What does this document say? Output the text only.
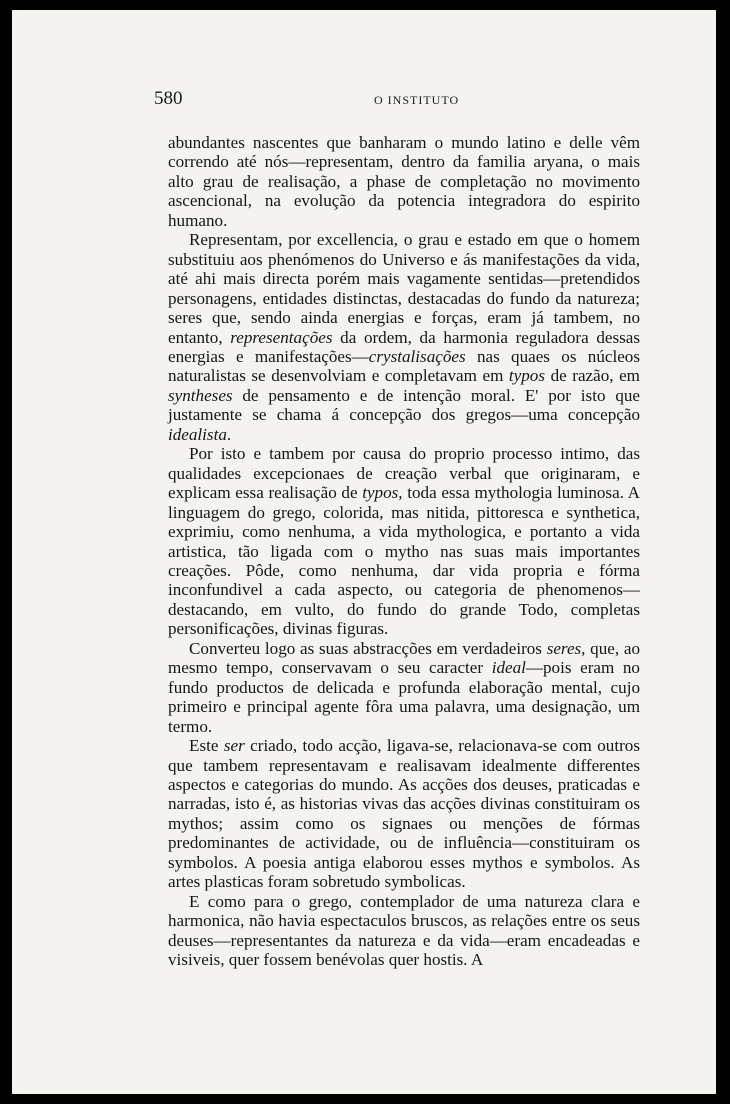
580	O INSTITUTO

abundantes nascentes que banharam o mundo latino e delle vêm correndo até nós—representam, dentro da familia aryana, o mais alto grau de realisação, a phase de completação no movimento ascencional, na evolução da potencia integradora do espirito humano.

Representam, por excellencia, o grau e estado em que o homem substituiu aos phenómenos do Universo e ás manifestações da vida, até ahi mais directa porém mais vagamente sentidas—pretendidos personagens, entidades distinctas, destacadas do fundo da natureza; seres que, sendo ainda energias e forças, eram já tambem, no entanto, representações da ordem, da harmonia reguladora dessas energias e manifestações—crystalisações nas quaes os núcleos naturalistas se desenvolviam e completavam em typos de razão, em syntheses de pensamento e de intenção moral. E' por isto que justamente se chama á concepção dos gregos—uma concepção idealista.

Por isto e tambem por causa do proprio processo intimo, das qualidades excepcionaes de creação verbal que originaram, e explicam essa realisação de typos, toda essa mythologia luminosa. A linguagem do grego, colorida, mas nitida, pittoresca e synthetica, exprimiu, como nenhuma, a vida mythologica, e portanto a vida artistica, tão ligada com o mytho nas suas mais importantes creações. Pôde, como nenhuma, dar vida propria e fórma inconfundivel a cada aspecto, ou categoria de phenomenos—destacando, em vulto, do fundo do grande Todo, completas personificações, divinas figuras.

Converteu logo as suas abstracções em verdadeiros seres, que, ao mesmo tempo, conservavam o seu caracter ideal—pois eram no fundo productos de delicada e profunda elaboração mental, cujo primeiro e principal agente fôra uma palavra, uma designação, um termo.

Este ser criado, todo acção, ligava-se, relacionava-se com outros que tambem representavam e realisavam idealmente differentes aspectos e categorias do mundo. As acções dos deuses, praticadas e narradas, isto é, as historias vivas das acções divinas constituiram os mythos; assim como os signaes ou menções de fórmas predominantes de actividade, ou de influência—constituiram os symbolos. A poesia antiga elaborou esses mythos e symbolos. As artes plasticas foram sobretudo symbolicas.

E como para o grego, contemplador de uma natureza clara e harmonica, não havia espectaculos bruscos, as relações entre os seus deuses—representantes da natureza e da vida—eram encadeadas e visiveis, quer fossem benévolas quer hostis. A
